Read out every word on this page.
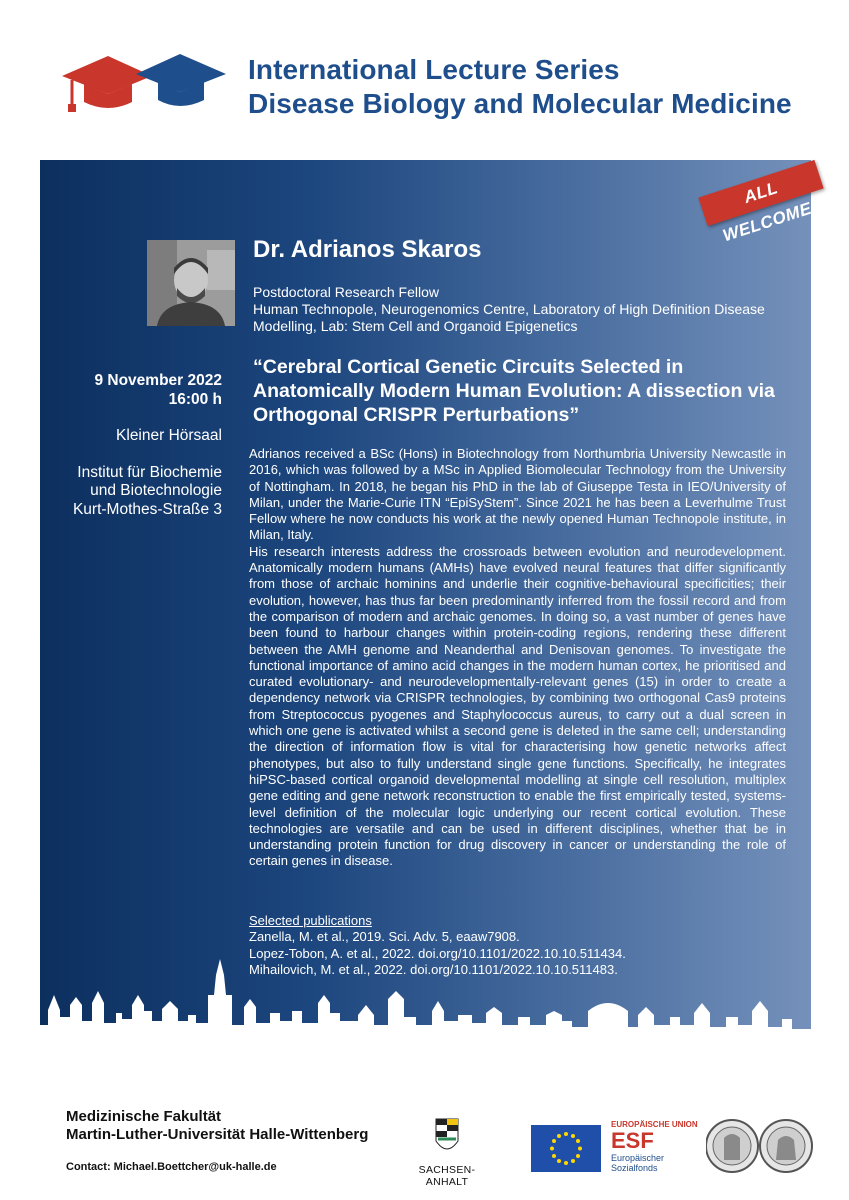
International Lecture Series
Disease Biology and Molecular Medicine
ALL WELCOME!
Dr. Adrianos Skaros
Postdoctoral Research Fellow
Human Technopole, Neurogenomics Centre, Laboratory of High Definition Disease Modelling, Lab: Stem Cell and Organoid Epigenetics
“Cerebral Cortical Genetic Circuits Selected in Anatomically Modern Human Evolution: A dissection via Orthogonal CRISPR Perturbations”
9 November 2022
16:00 h
Kleiner Hörsaal
Institut für Biochemie
und Biotechnologie
Kurt-Mothes-Straße 3

Adrianos received a BSc (Hons) in Biotechnology from Northumbria University Newcastle in 2016, which was followed by a MSc in Applied Biomolecular Technology from the University of Nottingham. In 2018, he began his PhD in the lab of Giuseppe Testa in IEO/University of Milan, under the Marie-Curie ITN “EpiSyStem”. Since 2021 he has been a Leverhulme Trust Fellow where he now conducts his work at the newly opened Human Technopole institute, in Milan, Italy.

His research interests address the crossroads between evolution and neurodevelopment. Anatomically modern humans (AMHs) have evolved neural features that differ significantly from those of archaic hominins and underlie their cognitive-behavioural specificities; their evolution, however, has thus far been predominantly inferred from the fossil record and from the comparison of modern and archaic genomes. In doing so, a vast number of genes have been found to harbour changes within protein-coding regions, rendering these different between the AMH genome and Neanderthal and Denisovan genomes. To investigate the functional importance of amino acid changes in the modern human cortex, he prioritised and curated evolutionary- and neurodevelopmentally-relevant genes (15) in order to create a dependency network via CRISPR technologies, by combining two orthogonal Cas9 proteins from Streptococcus pyogenes and Staphylococcus aureus, to carry out a dual screen in which one gene is activated whilst a second gene is deleted in the same cell; understanding the direction of information flow is vital for characterising how genetic networks affect phenotypes, but also to fully understand single gene functions. Specifically, he integrates hiPSC-based cortical organoid developmental modelling at single cell resolution, multiplex gene editing and gene network reconstruction to enable the first empirically tested, systems-level definition of the molecular logic underlying our recent cortical evolution. These technologies are versatile and can be used in different disciplines, whether that be in understanding protein function for drug discovery in cancer or understanding the role of certain genes in disease.

Selected publications
Zanella, M. et al., 2019. Sci. Adv. 5, eaaw7908.
Lopez-Tobon, A. et al., 2022. doi.org/10.1101/2022.10.10.511434.
Mihailovich, M. et al., 2022. doi.org/10.1101/2022.10.10.511483.
Medizinische Fakultät
Martin-Luther-Universität Halle-Wittenberg
Contact: Michael.Boettcher@uk-halle.de	SACHSEN-ANHALT
EUROPÄISCHE UNION
ESF
Europäischer
Sozialfonds
